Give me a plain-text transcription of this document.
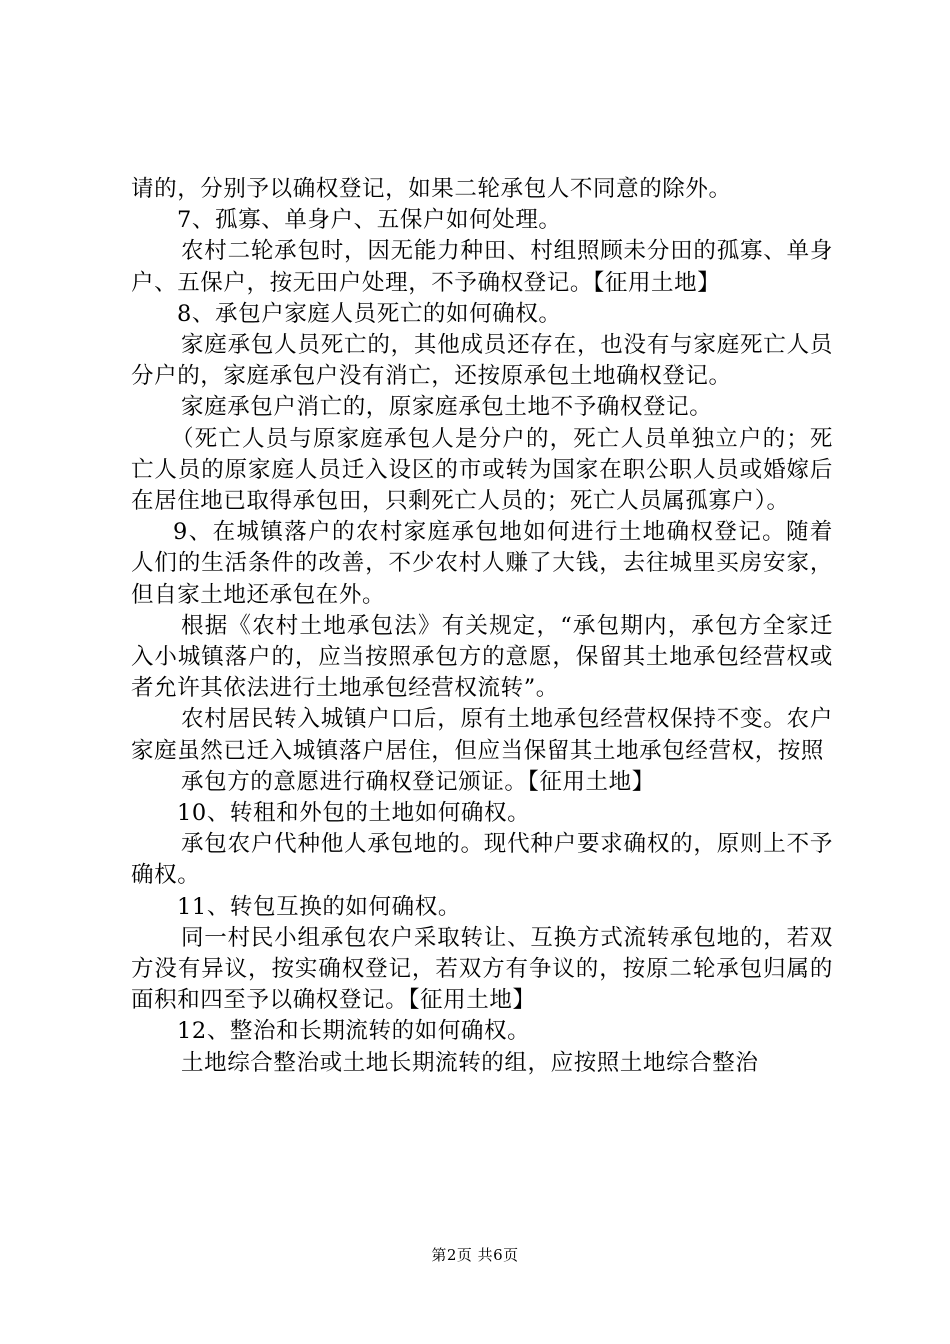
请的，分别予以确权登记，如果二轮承包人不同意的除外。

7、孤寡、单身户、五保户如何处理。

农村二轮承包时，因无能力种田、村组照顾未分田的孤寡、单身户、五保户，按无田户处理，不予确权登记。【征用土地】

8、承包户家庭人员死亡的如何确权。

家庭承包人员死亡的，其他成员还存在，也没有与家庭死亡人员分户的，家庭承包户没有消亡，还按原承包土地确权登记。

家庭承包户消亡的，原家庭承包土地不予确权登记。

（死亡人员与原家庭承包人是分户的，死亡人员单独立户的；死亡人员的原家庭人员迁入设区的市或转为国家在职公职人员或婚嫁后在居住地已取得承包田，只剩死亡人员的；死亡人员属孤寡户）。

9、在城镇落户的农村家庭承包地如何进行土地确权登记。随着人们的生活条件的改善，不少农村人赚了大钱，去往城里买房安家，但自家土地还承包在外。

根据《农村土地承包法》有关规定，“承包期内，承包方全家迁入小城镇落户的，应当按照承包方的意愿，保留其土地承包经营权或者允许其依法进行土地承包经营权流转”。

农村居民转入城镇户口后，原有土地承包经营权保持不变。农户家庭虽然已迁入城镇落户居住，但应当保留其土地承包经营权，按照

承包方的意愿进行确权登记颁证。【征用土地】

10、转租和外包的土地如何确权。

承包农户代种他人承包地的。现代种户要求确权的，原则上不予确权。

11、转包互换的如何确权。

同一村民小组承包农户采取转让、互换方式流转承包地的，若双方没有异议，按实确权登记，若双方有争议的，按原二轮承包归属的面积和四至予以确权登记。【征用土地】

12、整治和长期流转的如何确权。

土地综合整治或土地长期流转的组，应按照土地综合整治

第2页 共6页
